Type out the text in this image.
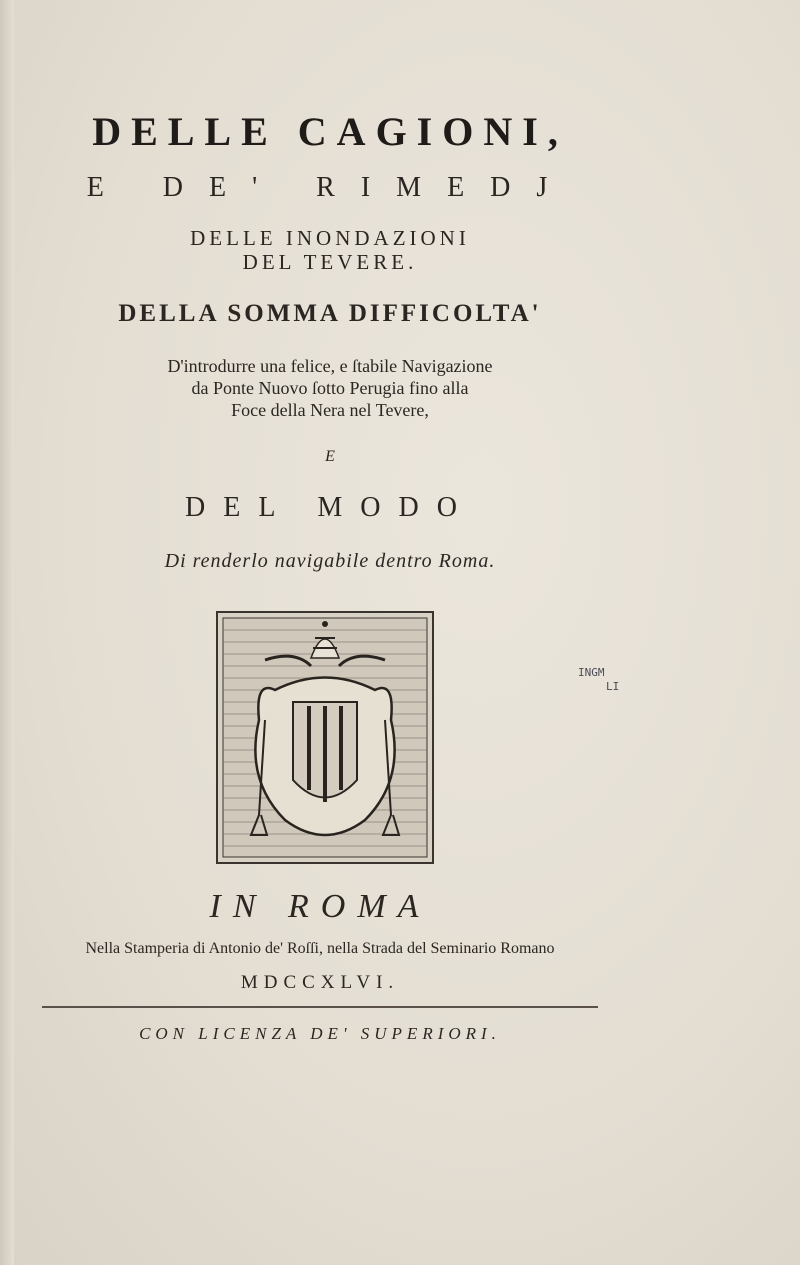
DELLE CAGIONI,
E DE' RIMEDJ
DELLE INONDAZIONI
DEL TEVERE.
DELLA SOMMA DIFFICOLTA'
D'introdurre una felice, e ſtabile Navigazione
da Ponte Nuovo ſotto Perugia fino alla
Foce della Nera nel Tevere,
E
DEL MODO
Di renderlo navigabile dentro Roma.
INGM
LI
IN ROMA
Nella Stamperia di Antonio de' Roſſi, nella Strada del Seminario Romano
MDCCXLVI.
CON LICENZA DE' SUPERIORI.
